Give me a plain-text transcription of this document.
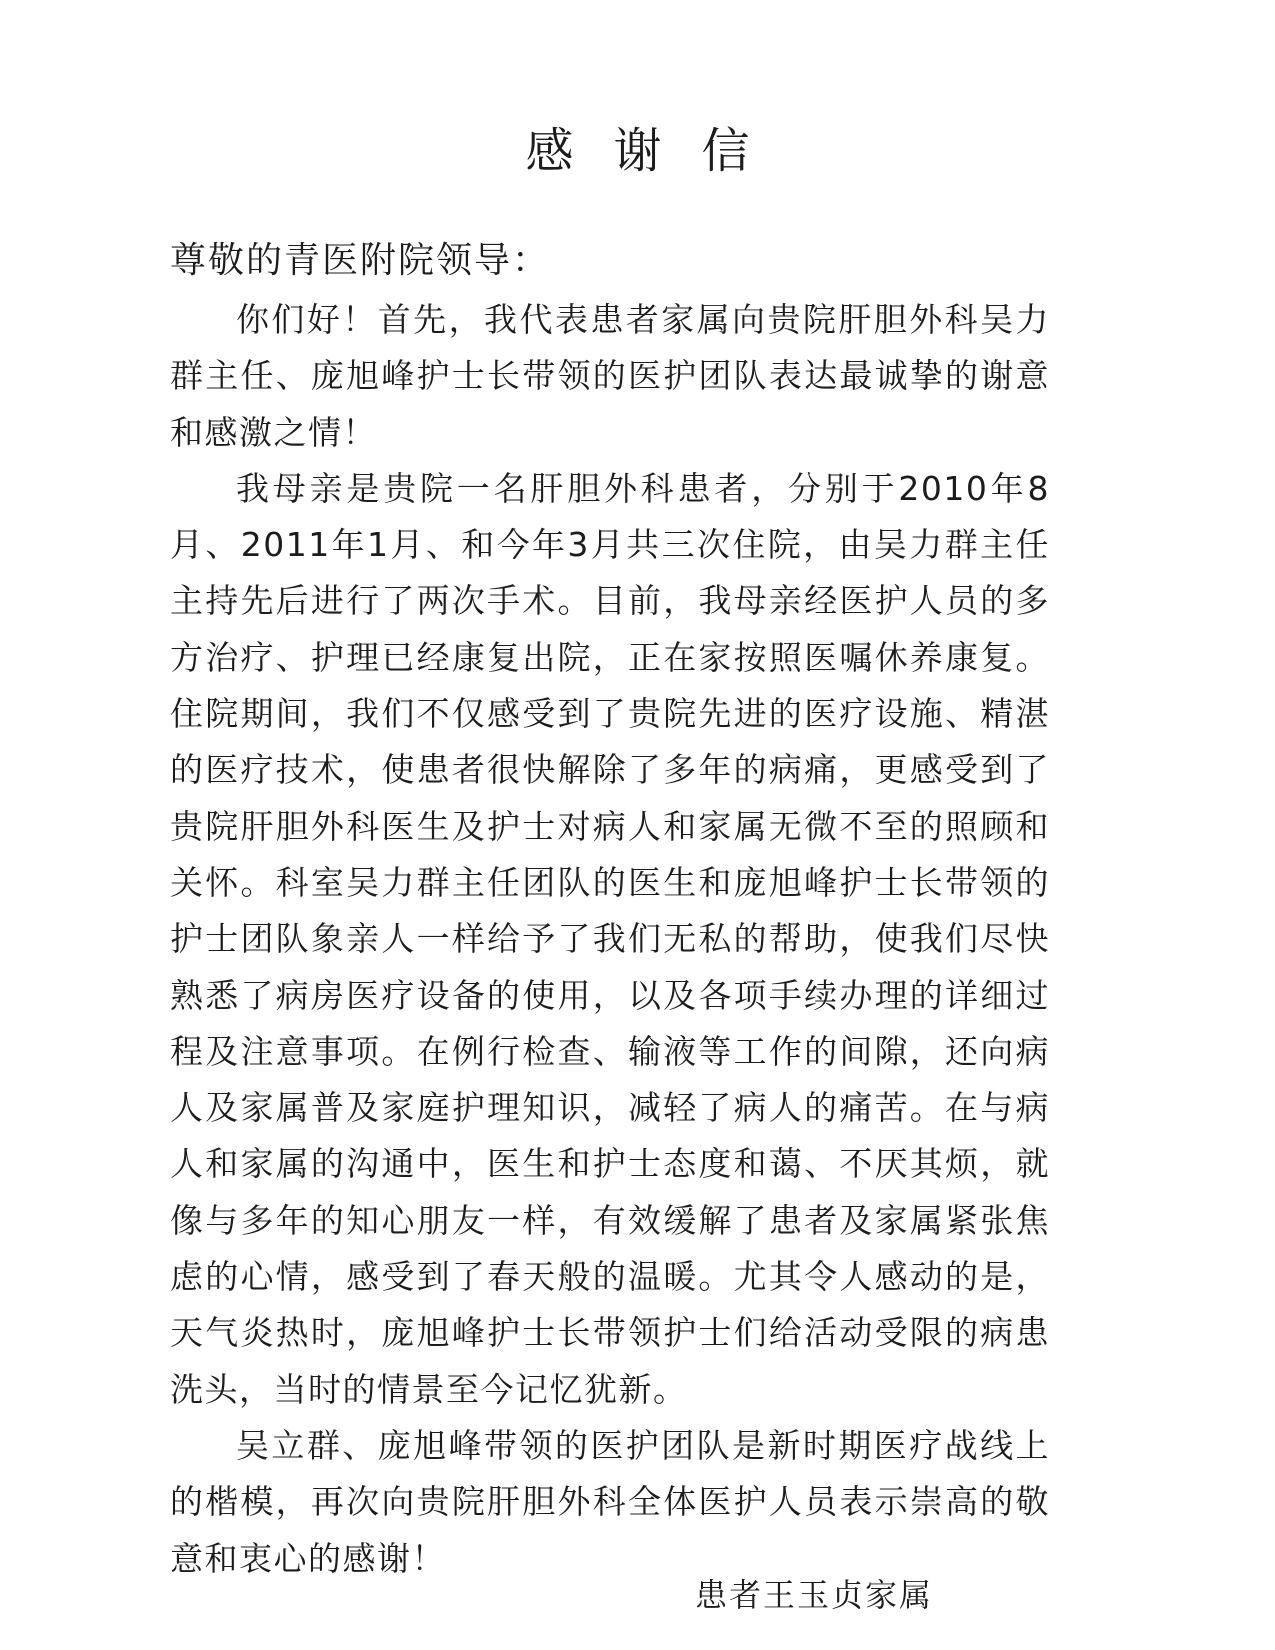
感谢信

尊敬的青医附院领导：

你们好！首先，我代表患者家属向贵院肝胆外科吴力群主任、庞旭峰护士长带领的医护团队表达最诚挚的谢意和感激之情！

我母亲是贵院一名肝胆外科患者，分别于2010年8月、2011年1月、和今年3月共三次住院，由吴力群主任主持先后进行了两次手术。目前，我母亲经医护人员的多方治疗、护理已经康复出院，正在家按照医嘱休养康复。住院期间，我们不仅感受到了贵院先进的医疗设施、精湛的医疗技术，使患者很快解除了多年的病痛，更感受到了贵院肝胆外科医生及护士对病人和家属无微不至的照顾和关怀。科室吴力群主任团队的医生和庞旭峰护士长带领的护士团队象亲人一样给予了我们无私的帮助，使我们尽快熟悉了病房医疗设备的使用，以及各项手续办理的详细过程及注意事项。在例行检查、输液等工作的间隙，还向病人及家属普及家庭护理知识，减轻了病人的痛苦。在与病人和家属的沟通中，医生和护士态度和蔼、不厌其烦，就像与多年的知心朋友一样，有效缓解了患者及家属紧张焦虑的心情，感受到了春天般的温暖。尤其令人感动的是，天气炎热时，庞旭峰护士长带领护士们给活动受限的病患洗头，当时的情景至今记忆犹新。

吴立群、庞旭峰带领的医护团队是新时期医疗战线上的楷模，再次向贵院肝胆外科全体医护人员表示崇高的敬意和衷心的感谢！

患者王玉贞家属
